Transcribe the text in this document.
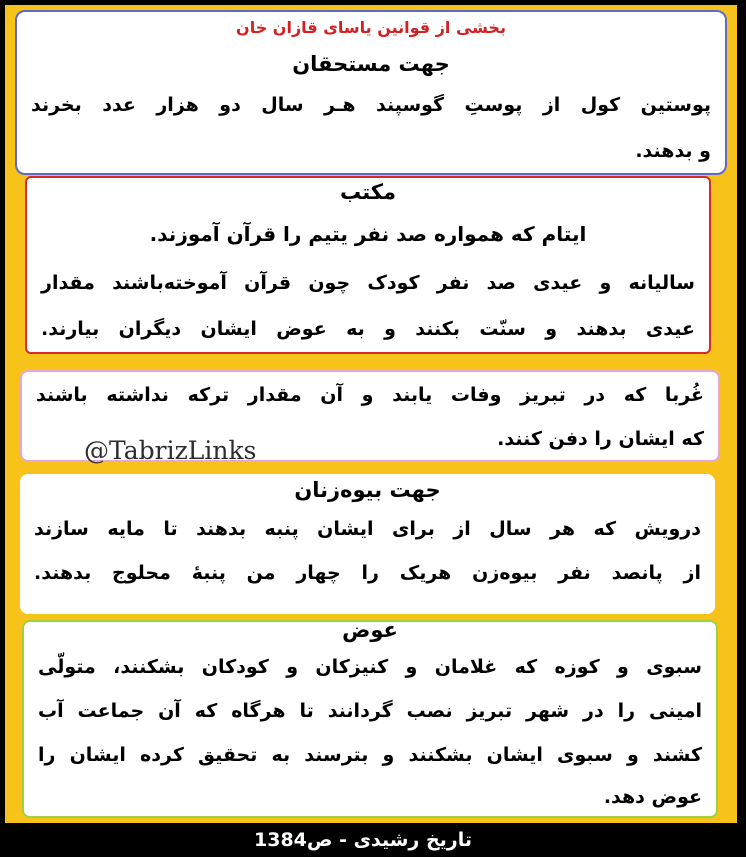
بخشی از قوانین یاسای قازان خان
جهت مستحقان
پوستین کول از پوستِ گوسپند هـر سال دو هزار عدد بخرند
و بدهند.
مکتب
ایتام که همواره صد نفر یتیم را قرآن آموزند.
سالیانه و عیدی صد نفر کودک چون قرآن آموخته‌باشند مقدار
عیدی بدهند و سنّت بکنند و به عوض ایشان دیگران بیارند.
غُربا که در تبریز وفات یابند و آن مقدار ترکه نداشته باشند
که ایشان را دفن کنند.
@TabrizLinks
جهت بیوەزنان
درویش که هر سال از برای ایشان پنبه بدهند تا مایه سازند
از پانصد نفر بیوه‌زن هریک را چهار من پنبۀ محلوج بدهند.
عوض
سبوی و کوزه که غلامان و کنیزکان و کودکان بشکنند، متولّی
امینی را در شهر تبریز نصب گردانند تا هرگاه که آن جماعت آب
کشند و سبوی ایشان بشکنند و بترسند به تحقیق کرده ایشان را
عوض دهد.
تاریخ رشیدی - ص1384
